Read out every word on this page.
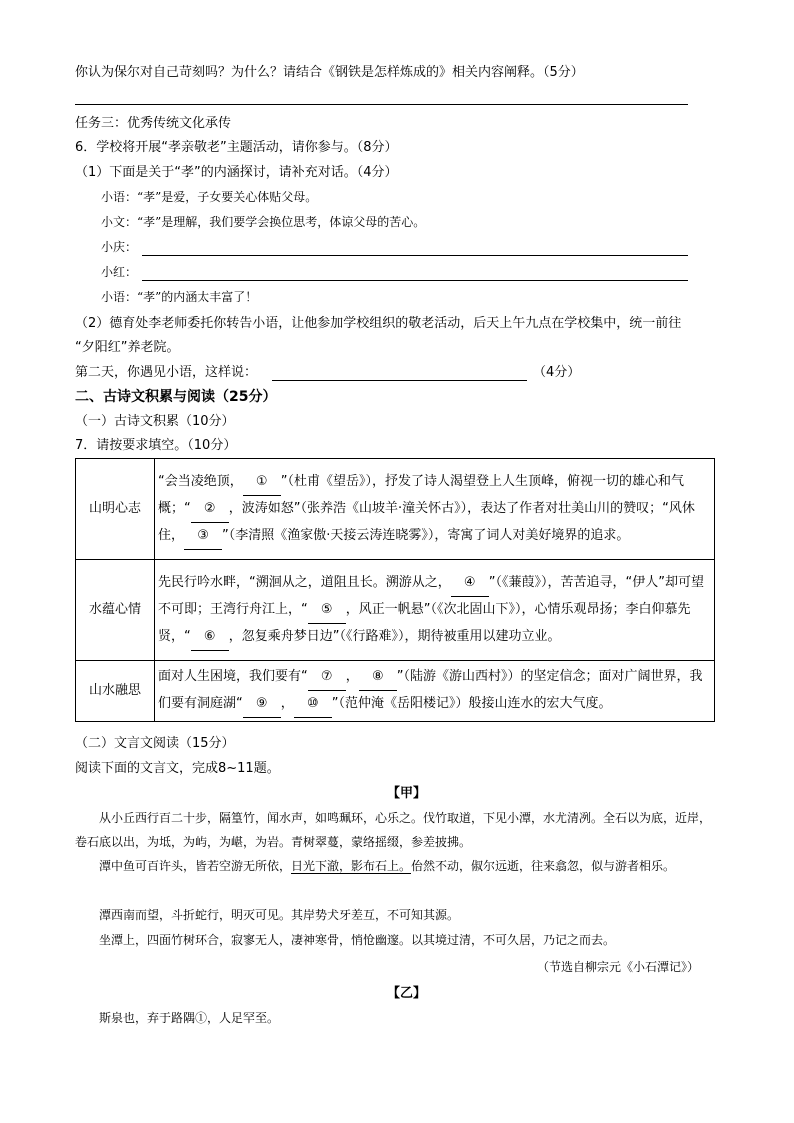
你认为保尔对自己苛刻吗？为什么？请结合《钢铁是怎样炼成的》相关内容阐释。（5分）
任务三：优秀传统文化承传
6．学校将开展“孝亲敬老”主题活动，请你参与。（8分）
（1）下面是关于“孝”的内涵探讨，请补充对话。（4分）
小语：“孝”是爱，子女要关心体贴父母。
小文：“孝”是理解，我们要学会换位思考，体谅父母的苦心。
小庆：
小红：
小语：“孝”的内涵太丰富了！
（2）德育处李老师委托你转告小语，让他参加学校组织的敬老活动，后天上午九点在学校集中，统一前往
“夕阳红”养老院。
第二天，你遇见小语，这样说：	（4分）
二、古诗文积累与阅读（25分）
（一）古诗文积累（10分）
7．请按要求填空。（10分）
山明心志	“会当凌绝顶， ① ”（杜甫《望岳》），抒发了诗人渴望登上人生顶峰，俯视一切的雄心和气概；“ ② ，波涛如怒”（张养浩《山坡羊·潼关怀古》），表达了作者对壮美山川的赞叹；“风休住， ③ ”（李清照《渔家傲·天接云涛连晓雾》），寄寓了词人对美好境界的追求。
水蕴心情	先民行吟水畔，“溯洄从之，道阻且长。溯游从之， ④ ”（《蒹葭》），苦苦追寻，“伊人”却可望不可即；王湾行舟江上，“ ⑤ ，风正一帆悬”（《次北固山下》），心情乐观昂扬；李白仰慕先贤，“ ⑥ ，忽复乘舟梦日边”（《行路难》），期待被重用以建功立业。
山水融思	面对人生困境，我们要有“ ⑦ ， ⑧ ”（陆游《游山西村》）的坚定信念；面对广阔世界，我们要有洞庭湖“ ⑨ ， ⑩ ”（范仲淹《岳阳楼记》）般接山连水的宏大气度。
（二）文言文阅读（15分）
阅读下面的文言文，完成8~11题。
【甲】
从小丘西行百二十步，隔篁竹，闻水声，如鸣珮环，心乐之。伐竹取道，下见小潭，水尤清冽。全石以为底，近岸，卷石底以出，为坻，为屿，为嵁，为岩。青树翠蔓，蒙络摇缀，参差披拂。
潭中鱼可百许头，皆若空游无所依，日光下澈，影布石上。佁然不动，俶尔远逝，往来翕忽，似与游者相乐。
潭西南而望，斗折蛇行，明灭可见。其岸势犬牙差互，不可知其源。
坐潭上，四面竹树环合，寂寥无人，凄神寒骨，悄怆幽邃。以其境过清，不可久居，乃记之而去。
（节选自柳宗元《小石潭记》）
【乙】
斯泉也，弃于路隅①，人足罕至。
